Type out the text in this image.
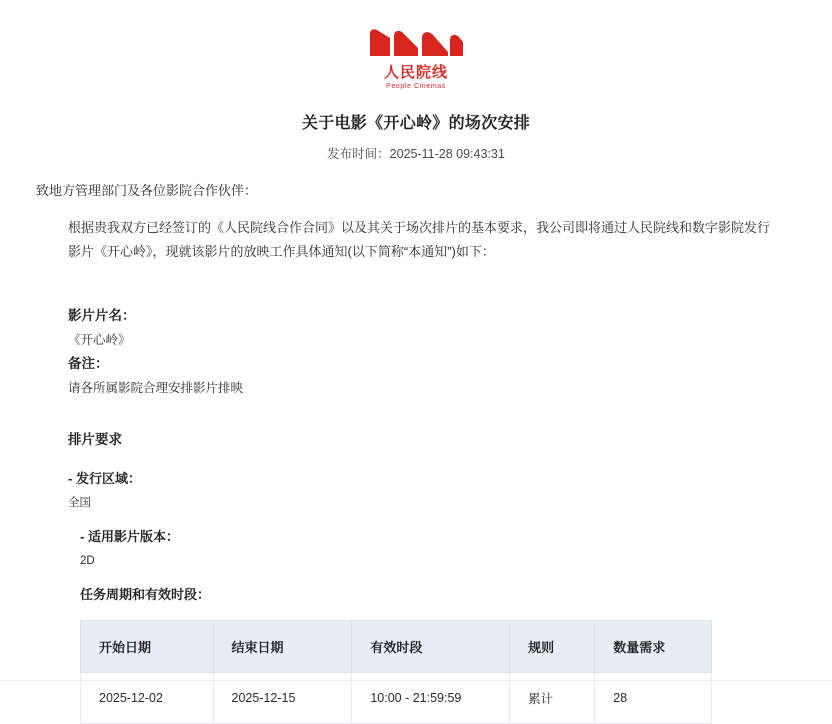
人民院线
People Cinemas
关于电影《开心岭》的场次安排
发布时间：2025-11-28 09:43:31
致地方管理部门及各位影院合作伙伴：
根据贵我双方已经签订的《人民院线合作合同》以及其关于场次排片的基本要求，我公司即将通过人民院线和数字影院发行影片《开心岭》，现就该影片的放映工作具体通知(以下简称“本通知”)如下：
影片片名：
《开心岭》
备注：
请各所属影院合理安排影片排映
排片要求
- 发行区域：
全国
- 适用影片版本：
2D
任务周期和有效时段：
开始日期	结束日期	有效时段	规则	数量需求
2025-12-02	2025-12-15	10:00 - 21:59:59	累计	28
